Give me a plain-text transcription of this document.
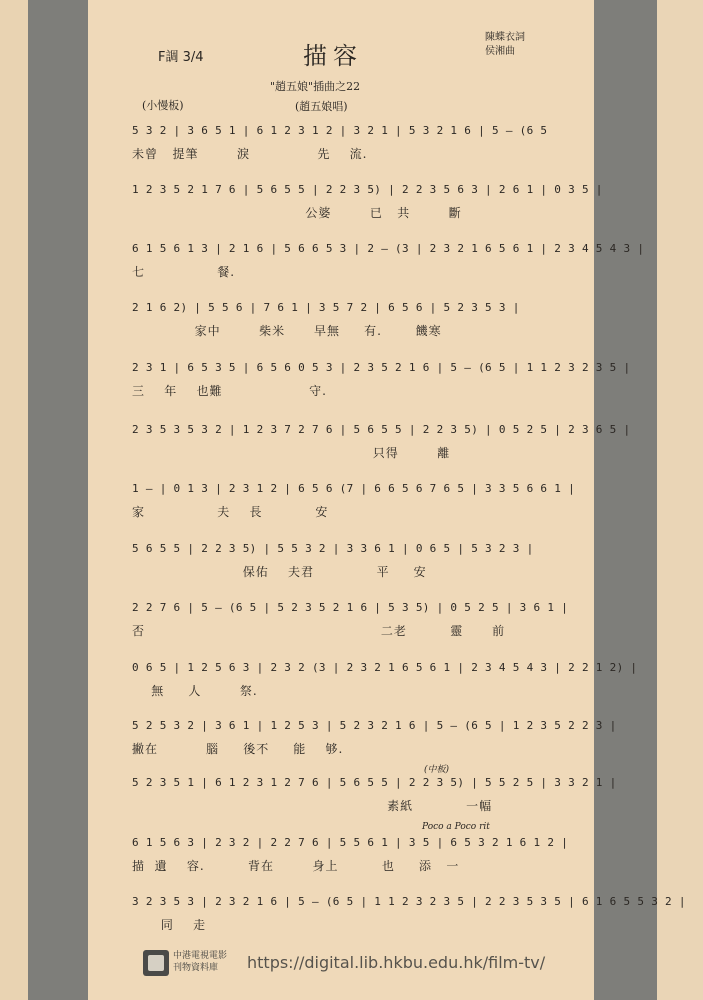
F調 3/4	描容
陳蝶衣詞
侯湘曲
"趙五娘"插曲之22
(趙五娘唱)
(小慢板)
5 3 2 | 3 6 5 1 | 6 1 2 3 1 2 | 3 2 1 | 5 3 2 1 6 | 5 — (6 5
未曾   提筆        淚              先    流.
1 2 3 5 2 1 7 6 | 5 6 5 5 | 2 2 3 5) | 2 2 3 5 6 3 | 2 6 1 | 0 3 5 |
公婆        已   共        斷
6 1 5 6 1 3 | 2 1 6 | 5 6 6 5 3 | 2 — (3 | 2 3 2 1 6 5 6 1 | 2 3 4 5 4 3 |
七               餐.
2 1 6 2) | 5 5 6 | 7 6 1 | 3 5 7 2 | 6 5 6 | 5 2 3 5 3 |
家中        柴米      早無     有.       饑寒
2 3 1 | 6 5 3 5 | 6 5 6 0 5 3 | 2 3 5 2 1 6 | 5 — (6 5 | 1 1 2 3 2 3 5 |
三    年    也難                  守.
2 3 5 3 5 3 2 | 1 2 3 7 2 7 6 | 5 6 5 5 | 2 2 3 5) | 0 5 2 5 | 2 3 6 5 |
只得        離
1 — | 0 1 3 | 2 3 1 2 | 6 5 6 (7 | 6 6 5 6 7 6 5 | 3 3 5 6 6 1 |
家               夫    長           安
5 6 5 5 | 2 2 3 5) | 5 5 3 2 | 3 3 6 1 | 0 6 5 | 5 3 2 3 |
保佑    夫君             平     安
2 2 7 6 | 5 — (6 5 | 5 2 3 5 2 1 6 | 5 3 5) | 0 5 2 5 | 3 6 1 |
否                                                 二老         靈      前
0 6 5 | 1 2 5 6 3 | 2 3 2 (3 | 2 3 2 1 6 5 6 1 | 2 3 4 5 4 3 | 2 2 1 2) |
無     人        祭.
5 2 5 3 2 | 3 6 1 | 1 2 5 3 | 5 2 3 2 1 6 | 5 — (6 5 | 1 2 3 5 2 2 3 |
撇在          腦     後不     能    够.
(中板)
5 2 3 5 1 | 6 1 2 3 1 2 7 6 | 5 6 5 5 | 2 2 3 5) | 5 5 2 5 | 3 3 2 1 |
素紙           一幅
Poco a Poco rit
6 1 5 6 3 | 2 3 2 | 2 2 7 6 | 5 5 6 1 | 3 5 | 6 5 3 2 1 6 1 2 |
描  遺    容.         背在        身上         也     添   一
3 2 3 5 3 | 2 3 2 1 6 | 5 — (6 5 | 1 1 2 3 2 3 5 | 2 2 3 5 3 5 | 6 1 6 5 5 3 2 |
同    走
中港電視電影
刊物資料庫	https://digital.lib.hkbu.edu.hk/film-tv/
